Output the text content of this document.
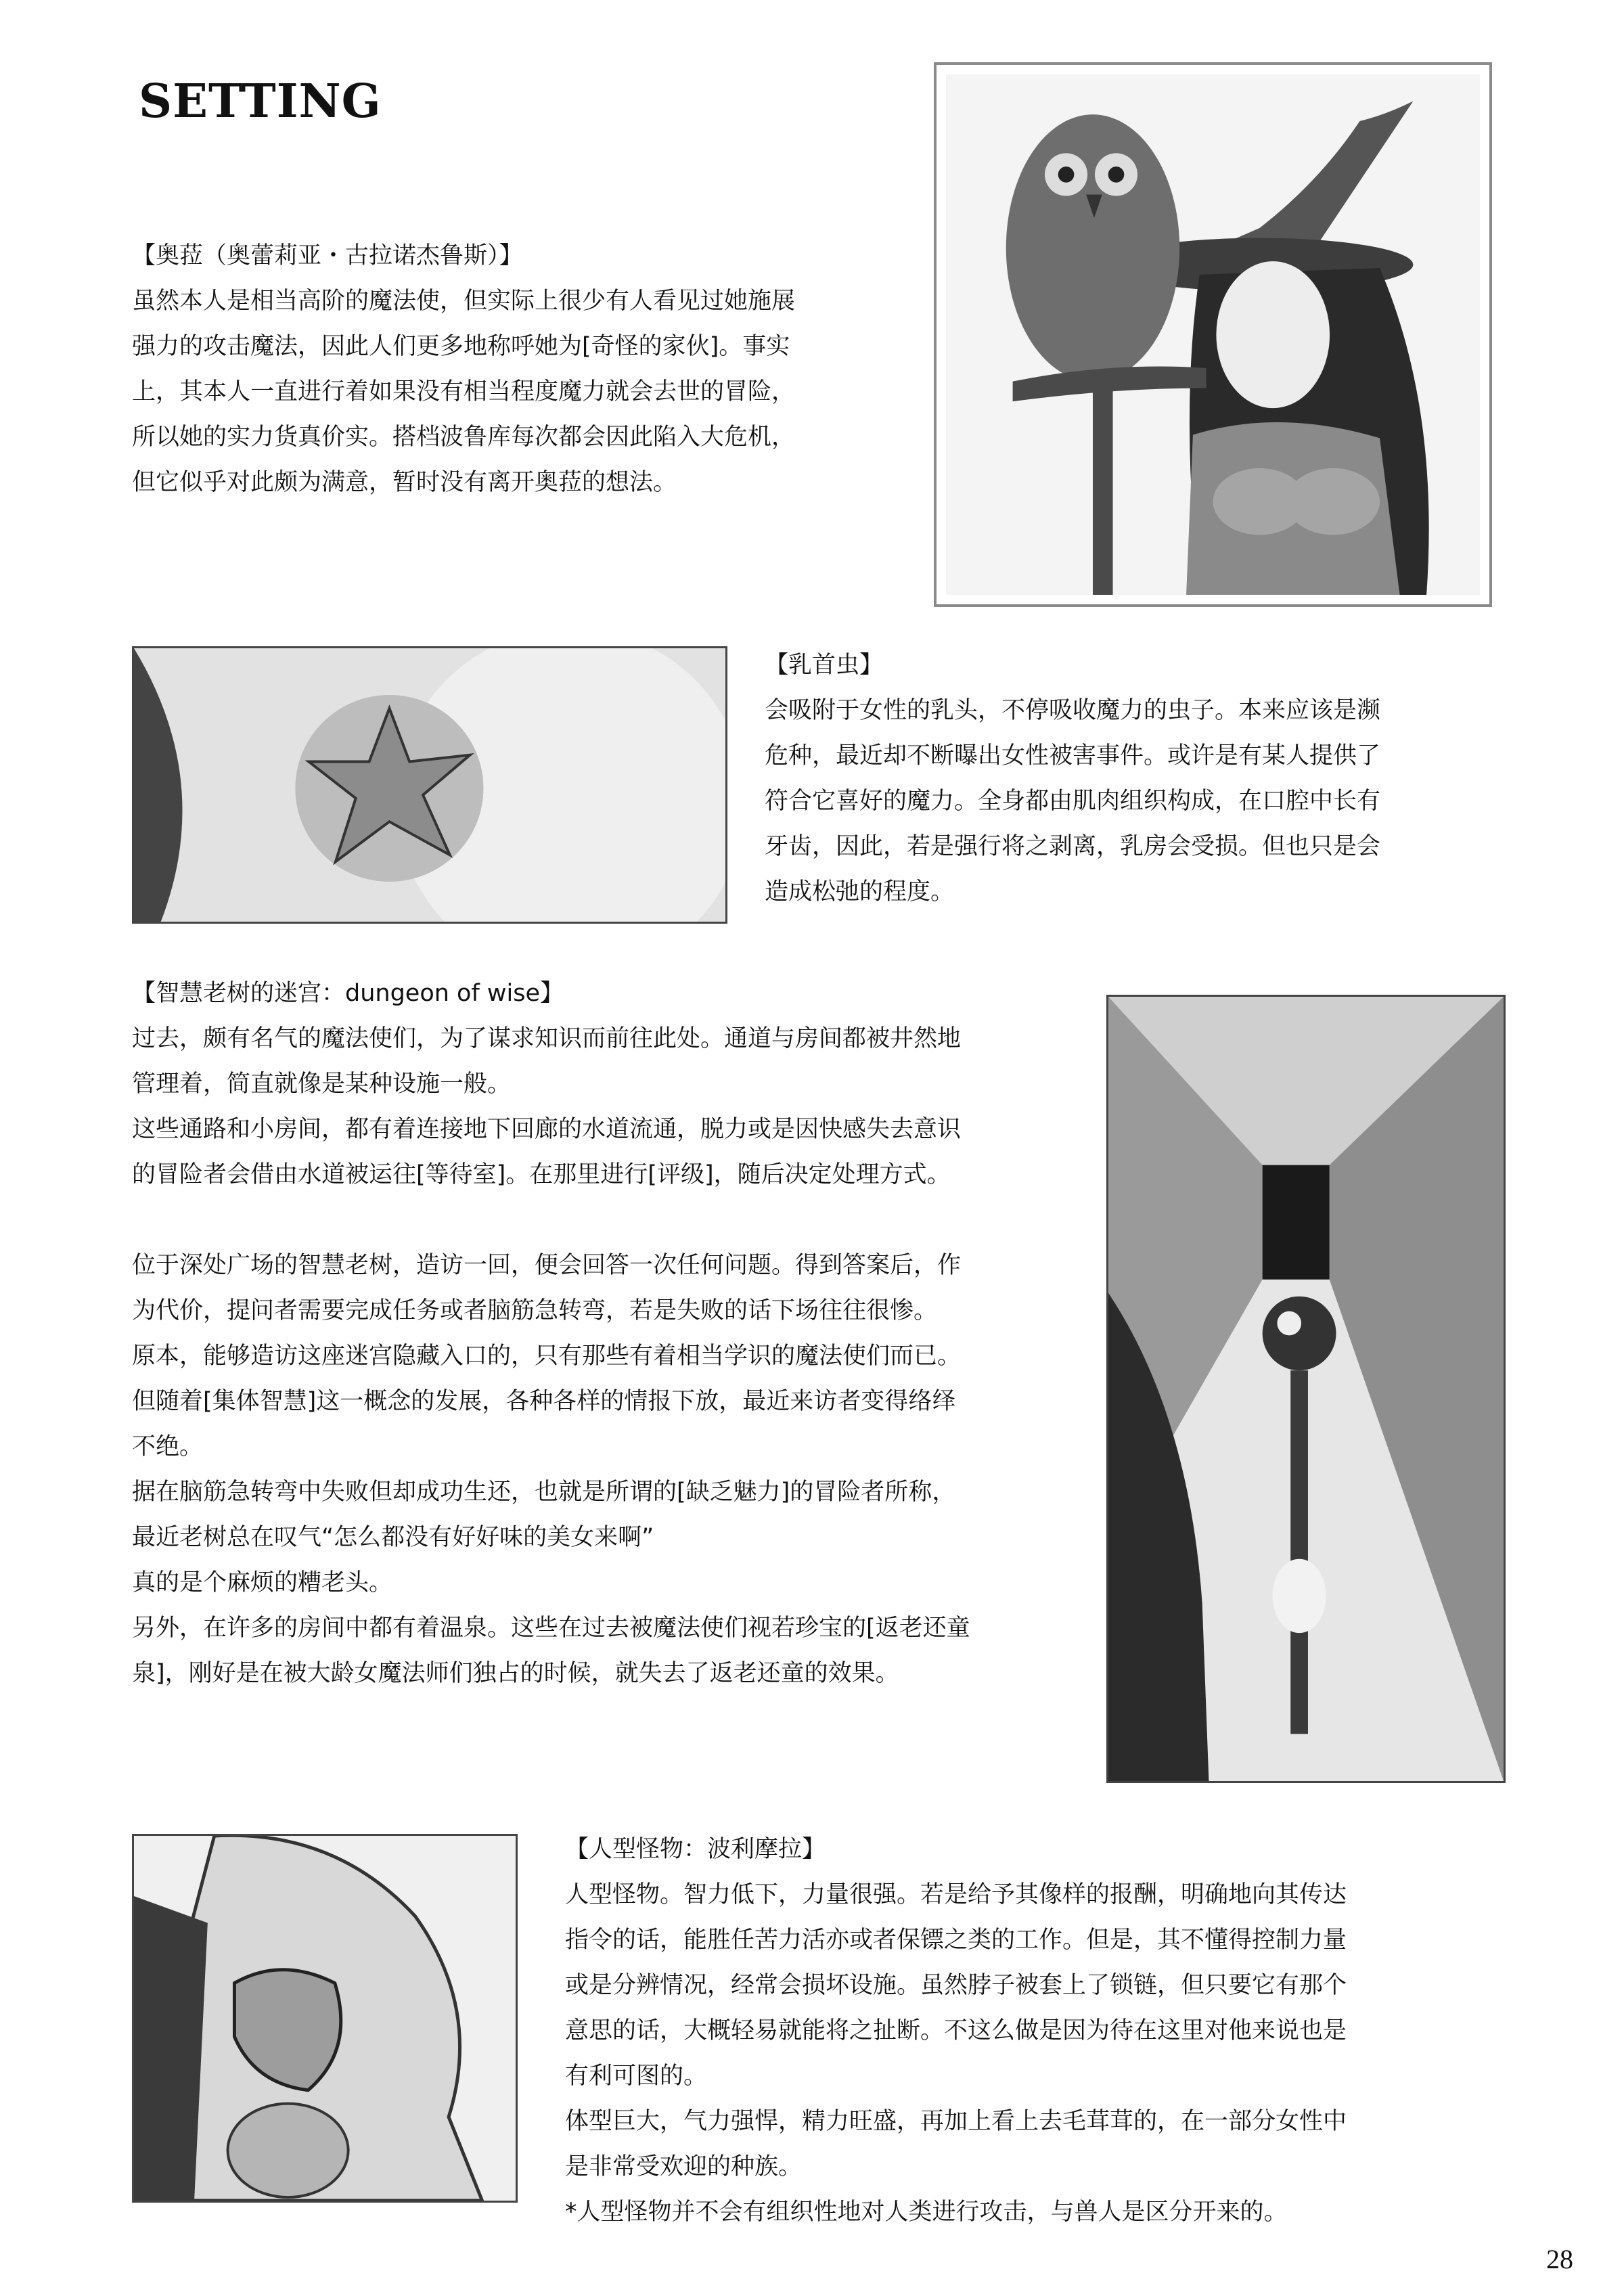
SETTING
【奥菈（奥蕾莉亚・古拉诺杰鲁斯）】
虽然本人是相当高阶的魔法使，但实际上很少有人看见过她施展
强力的攻击魔法，因此人们更多地称呼她为[奇怪的家伙]。事实
上，其本人一直进行着如果没有相当程度魔力就会去世的冒险，
所以她的实力货真价实。搭档波鲁库每次都会因此陷入大危机，
但它似乎对此颇为满意，暂时没有离开奥菈的想法。
【乳首虫】
会吸附于女性的乳头，不停吸收魔力的虫子。本来应该是濒
危种，最近却不断曝出女性被害事件。或许是有某人提供了
符合它喜好的魔力。全身都由肌肉组织构成，在口腔中长有
牙齿，因此，若是强行将之剥离，乳房会受损。但也只是会
造成松弛的程度。
【智慧老树的迷宫：dungeon of wise】
过去，颇有名气的魔法使们，为了谋求知识而前往此处。通道与房间都被井然地
管理着，简直就像是某种设施一般。
这些通路和小房间，都有着连接地下回廊的水道流通，脱力或是因快感失去意识
的冒险者会借由水道被运往[等待室]。在那里进行[评级]，随后决定处理方式。
位于深处广场的智慧老树，造访一回，便会回答一次任何问题。得到答案后，作
为代价，提问者需要完成任务或者脑筋急转弯，若是失败的话下场往往很惨。
原本，能够造访这座迷宫隐藏入口的，只有那些有着相当学识的魔法使们而已。
但随着[集体智慧]这一概念的发展，各种各样的情报下放，最近来访者变得络绎
不绝。
据在脑筋急转弯中失败但却成功生还，也就是所谓的[缺乏魅力]的冒险者所称，
最近老树总在叹气“怎么都没有好好味的美女来啊”
真的是个麻烦的糟老头。
另外，在许多的房间中都有着温泉。这些在过去被魔法使们视若珍宝的[返老还童
泉]，刚好是在被大龄女魔法师们独占的时候，就失去了返老还童的效果。
【人型怪物：波利摩拉】
人型怪物。智力低下，力量很强。若是给予其像样的报酬，明确地向其传达
指令的话，能胜任苦力活亦或者保镖之类的工作。但是，其不懂得控制力量
或是分辨情况，经常会损坏设施。虽然脖子被套上了锁链，但只要它有那个
意思的话，大概轻易就能将之扯断。不这么做是因为待在这里对他来说也是
有利可图的。
体型巨大，气力强悍，精力旺盛，再加上看上去毛茸茸的，在一部分女性中
是非常受欢迎的种族。
*人型怪物并不会有组织性地对人类进行攻击，与兽人是区分开来的。
28
